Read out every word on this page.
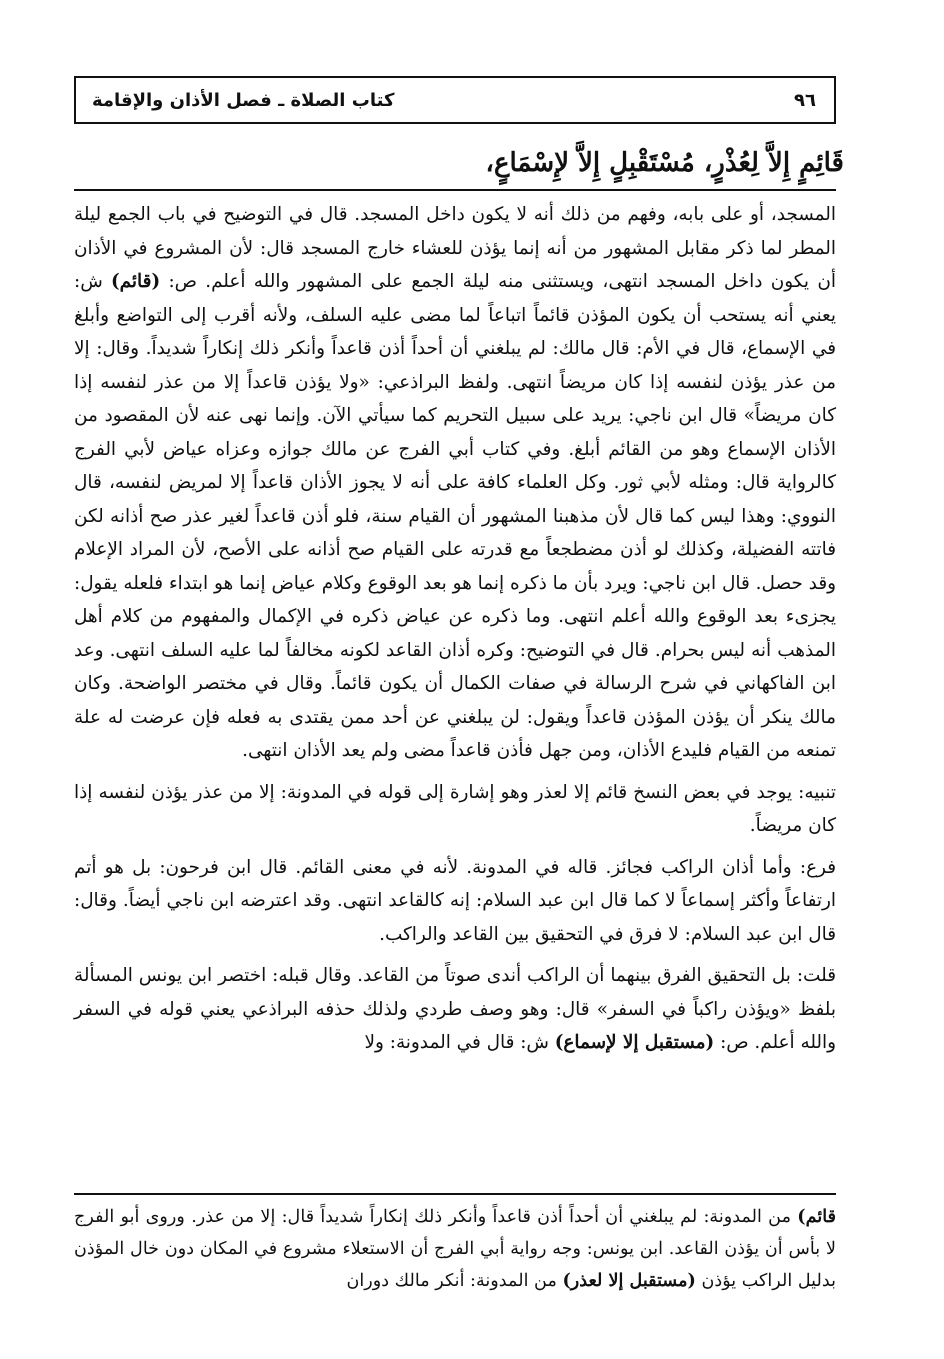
٩٦
كتاب الصلاة ـ فصل الأذان والإقامة
قَائِمٍ إِلاَّ لِعُذْرٍ، مُسْتَقْبِلٍ إِلاَّ لإِسْمَاعٍ،

المسجد، أو على بابه، وفهم من ذلك أنه لا يكون داخل المسجد. قال في التوضيح في باب الجمع ليلة المطر لما ذكر مقابل المشهور من أنه إنما يؤذن للعشاء خارج المسجد قال: لأن المشروع في الأذان أن يكون داخل المسجد انتهى، ويستثنى منه ليلة الجمع على المشهور والله أعلم. ص: (قائم) ش: يعني أنه يستحب أن يكون المؤذن قائماً اتباعاً لما مضى عليه السلف، ولأنه أقرب إلى التواضع وأبلغ في الإسماع، قال في الأم: قال مالك: لم يبلغني أن أحداً أذن قاعداً وأنكر ذلك إنكاراً شديداً. وقال: إلا من عذر يؤذن لنفسه إذا كان مريضاً انتهى. ولفظ البراذعي: «ولا يؤذن قاعداً إلا من عذر لنفسه إذا كان مريضاً» قال ابن ناجي: يريد على سبيل التحريم كما سيأتي الآن. وإنما نهى عنه لأن المقصود من الأذان الإسماع وهو من القائم أبلغ. وفي كتاب أبي الفرج عن مالك جوازه وعزاه عياض لأبي الفرج كالرواية قال: ومثله لأبي ثور. وكل العلماء كافة على أنه لا يجوز الأذان قاعداً إلا لمريض لنفسه، قال النووي: وهذا ليس كما قال لأن مذهبنا المشهور أن القيام سنة، فلو أذن قاعداً لغير عذر صح أذانه لكن فاتته الفضيلة، وكذلك لو أذن مضطجعاً مع قدرته على القيام صح أذانه على الأصح، لأن المراد الإعلام وقد حصل. قال ابن ناجي: ويرد بأن ما ذكره إنما هو بعد الوقوع وكلام عياض إنما هو ابتداء فلعله يقول: يجزىء بعد الوقوع والله أعلم انتهى. وما ذكره عن عياض ذكره في الإكمال والمفهوم من كلام أهل المذهب أنه ليس بحرام. قال في التوضيح: وكره أذان القاعد لكونه مخالفاً لما عليه السلف انتهى. وعد ابن الفاكهاني في شرح الرسالة في صفات الكمال أن يكون قائماً. وقال في مختصر الواضحة. وكان مالك ينكر أن يؤذن المؤذن قاعداً ويقول: لن يبلغني عن أحد ممن يقتدى به فعله فإن عرضت له علة تمنعه من القيام فليدع الأذان، ومن جهل فأذن قاعداً مضى ولم يعد الأذان انتهى.

تنبيه: يوجد في بعض النسخ قائم إلا لعذر وهو إشارة إلى قوله في المدونة: إلا من عذر يؤذن لنفسه إذا كان مريضاً.

فرع: وأما أذان الراكب فجائز. قاله في المدونة. لأنه في معنى القائم. قال ابن فرحون: بل هو أتم ارتفاعاً وأكثر إسماعاً لا كما قال ابن عبد السلام: إنه كالقاعد انتهى. وقد اعترضه ابن ناجي أيضاً. وقال: قال ابن عبد السلام: لا فرق في التحقيق بين القاعد والراكب.

قلت: بل التحقيق الفرق بينهما أن الراكب أندى صوتاً من القاعد. وقال قبله: اختصر ابن يونس المسألة بلفظ «ويؤذن راكباً في السفر» قال: وهو وصف طردي ولذلك حذفه البراذعي يعني قوله في السفر والله أعلم. ص: (مستقبل إلا لإسماع) ش: قال في المدونة: ولا

قائم) من المدونة: لم يبلغني أن أحداً أذن قاعداً وأنكر ذلك إنكاراً شديداً قال: إلا من عذر. وروى أبو الفرج لا بأس أن يؤذن القاعد. ابن يونس: وجه رواية أبي الفرج أن الاستعلاء مشروع في المكان دون خال المؤذن بدليل الراكب يؤذن (مستقبل إلا لعذر) من المدونة: أنكر مالك دوران
